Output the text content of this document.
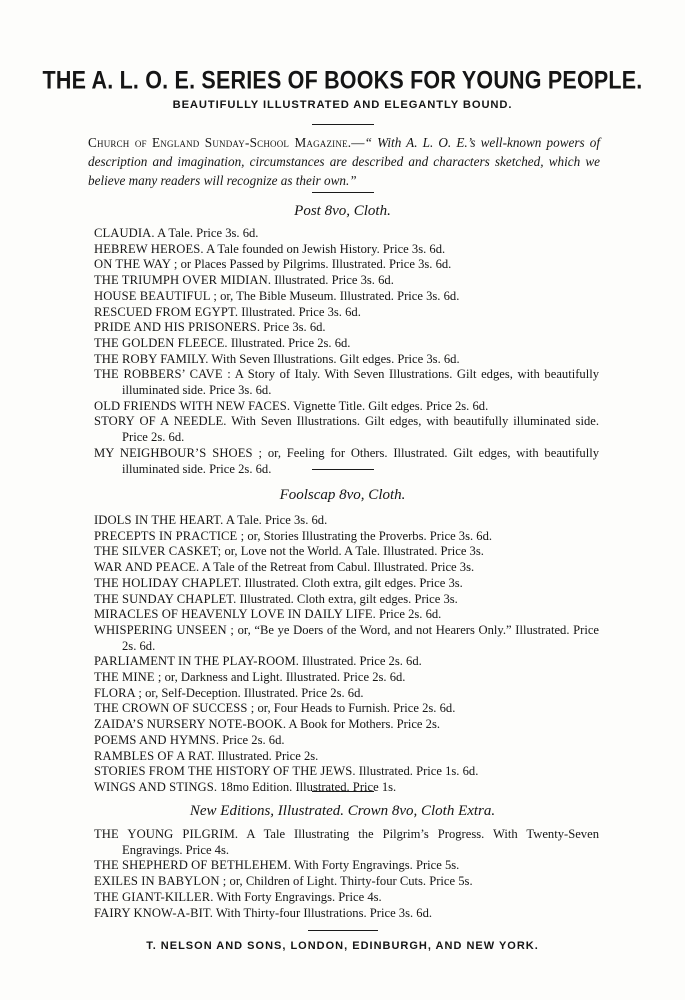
THE A. L. O. E. SERIES OF BOOKS FOR YOUNG PEOPLE.
BEAUTIFULLY ILLUSTRATED AND ELEGANTLY BOUND.
Church of England Sunday-School Magazine.—“ With A. L. O. E.’s well-known powers of description and imagination, circumstances are described and characters sketched, which we believe many readers will recognize as their own.”
Post 8vo, Cloth.
CLAUDIA. A Tale. Price 3s. 6d.
HEBREW HEROES. A Tale founded on Jewish History. Price 3s. 6d.
ON THE WAY ; or Places Passed by Pilgrims. Illustrated. Price 3s. 6d.
THE TRIUMPH OVER MIDIAN. Illustrated. Price 3s. 6d.
HOUSE BEAUTIFUL ; or, The Bible Museum. Illustrated. Price 3s. 6d.
RESCUED FROM EGYPT. Illustrated. Price 3s. 6d.
PRIDE AND HIS PRISONERS. Price 3s. 6d.
THE GOLDEN FLEECE. Illustrated. Price 2s. 6d.
THE ROBY FAMILY. With Seven Illustrations. Gilt edges. Price 3s. 6d.
THE ROBBERS’ CAVE : A Story of Italy. With Seven Illustrations. Gilt edges, with beautifully illuminated side. Price 3s. 6d.
OLD FRIENDS WITH NEW FACES. Vignette Title. Gilt edges. Price 2s. 6d.
STORY OF A NEEDLE. With Seven Illustrations. Gilt edges, with beautifully illuminated side. Price 2s. 6d.
MY NEIGHBOUR’S SHOES ; or, Feeling for Others. Illustrated. Gilt edges, with beautifully illuminated side. Price 2s. 6d.
Foolscap 8vo, Cloth.
IDOLS IN THE HEART. A Tale. Price 3s. 6d.
PRECEPTS IN PRACTICE ; or, Stories Illustrating the Proverbs. Price 3s. 6d.
THE SILVER CASKET; or, Love not the World. A Tale. Illustrated. Price 3s.
WAR AND PEACE. A Tale of the Retreat from Cabul. Illustrated. Price 3s.
THE HOLIDAY CHAPLET. Illustrated. Cloth extra, gilt edges. Price 3s.
THE SUNDAY CHAPLET. Illustrated. Cloth extra, gilt edges. Price 3s.
MIRACLES OF HEAVENLY LOVE IN DAILY LIFE. Price 2s. 6d.
WHISPERING UNSEEN ; or, “Be ye Doers of the Word, and not Hearers Only.” Illustrated. Price 2s. 6d.
PARLIAMENT IN THE PLAY-ROOM. Illustrated. Price 2s. 6d.
THE MINE ; or, Darkness and Light. Illustrated. Price 2s. 6d.
FLORA ; or, Self-Deception. Illustrated. Price 2s. 6d.
THE CROWN OF SUCCESS ; or, Four Heads to Furnish. Price 2s. 6d.
ZAIDA’S NURSERY NOTE-BOOK. A Book for Mothers. Price 2s.
POEMS AND HYMNS. Price 2s. 6d.
RAMBLES OF A RAT. Illustrated. Price 2s.
STORIES FROM THE HISTORY OF THE JEWS. Illustrated. Price 1s. 6d.
WINGS AND STINGS. 18mo Edition. Illustrated. Price 1s.
New Editions, Illustrated. Crown 8vo, Cloth Extra.
THE YOUNG PILGRIM. A Tale Illustrating the Pilgrim’s Progress. With Twenty-Seven Engravings. Price 4s.
THE SHEPHERD OF BETHLEHEM. With Forty Engravings. Price 5s.
EXILES IN BABYLON ; or, Children of Light. Thirty-four Cuts. Price 5s.
THE GIANT-KILLER. With Forty Engravings. Price 4s.
FAIRY KNOW-A-BIT. With Thirty-four Illustrations. Price 3s. 6d.
T. NELSON AND SONS, LONDON, EDINBURGH, AND NEW YORK.
